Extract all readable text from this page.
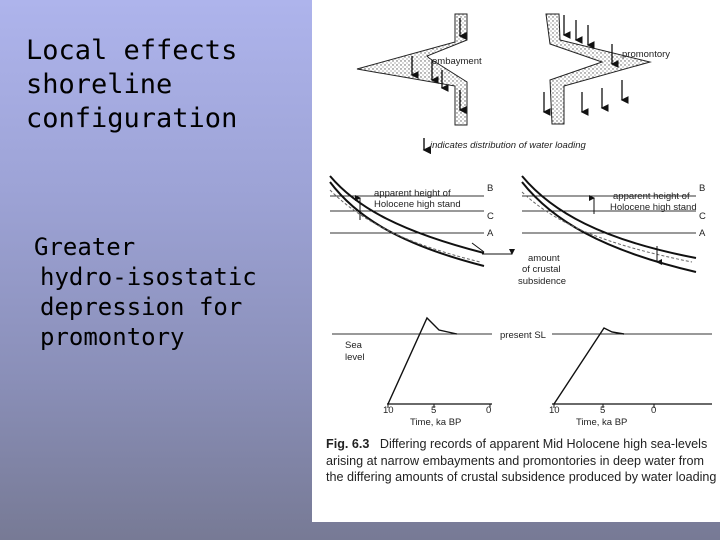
Local effects
shoreline
configuration
Greater
hydro-isostatic
depression for
promontory
embayment
promontory
indicates distribution of water loading
apparent height of
Holocene high stand
B
C
A
apparent height of
Holocene high stand
B
C
A
amount
of crustal
subsidence
Sea
level
present SL
10	5	0
Time, ka BP
10	5	0
Time, ka BP
Fig. 6.3 Differing records of apparent Mid Holocene high sea-levels arising at narrow embayments and promontories in deep water from the differing amounts of crustal subsidence produced by water loading
